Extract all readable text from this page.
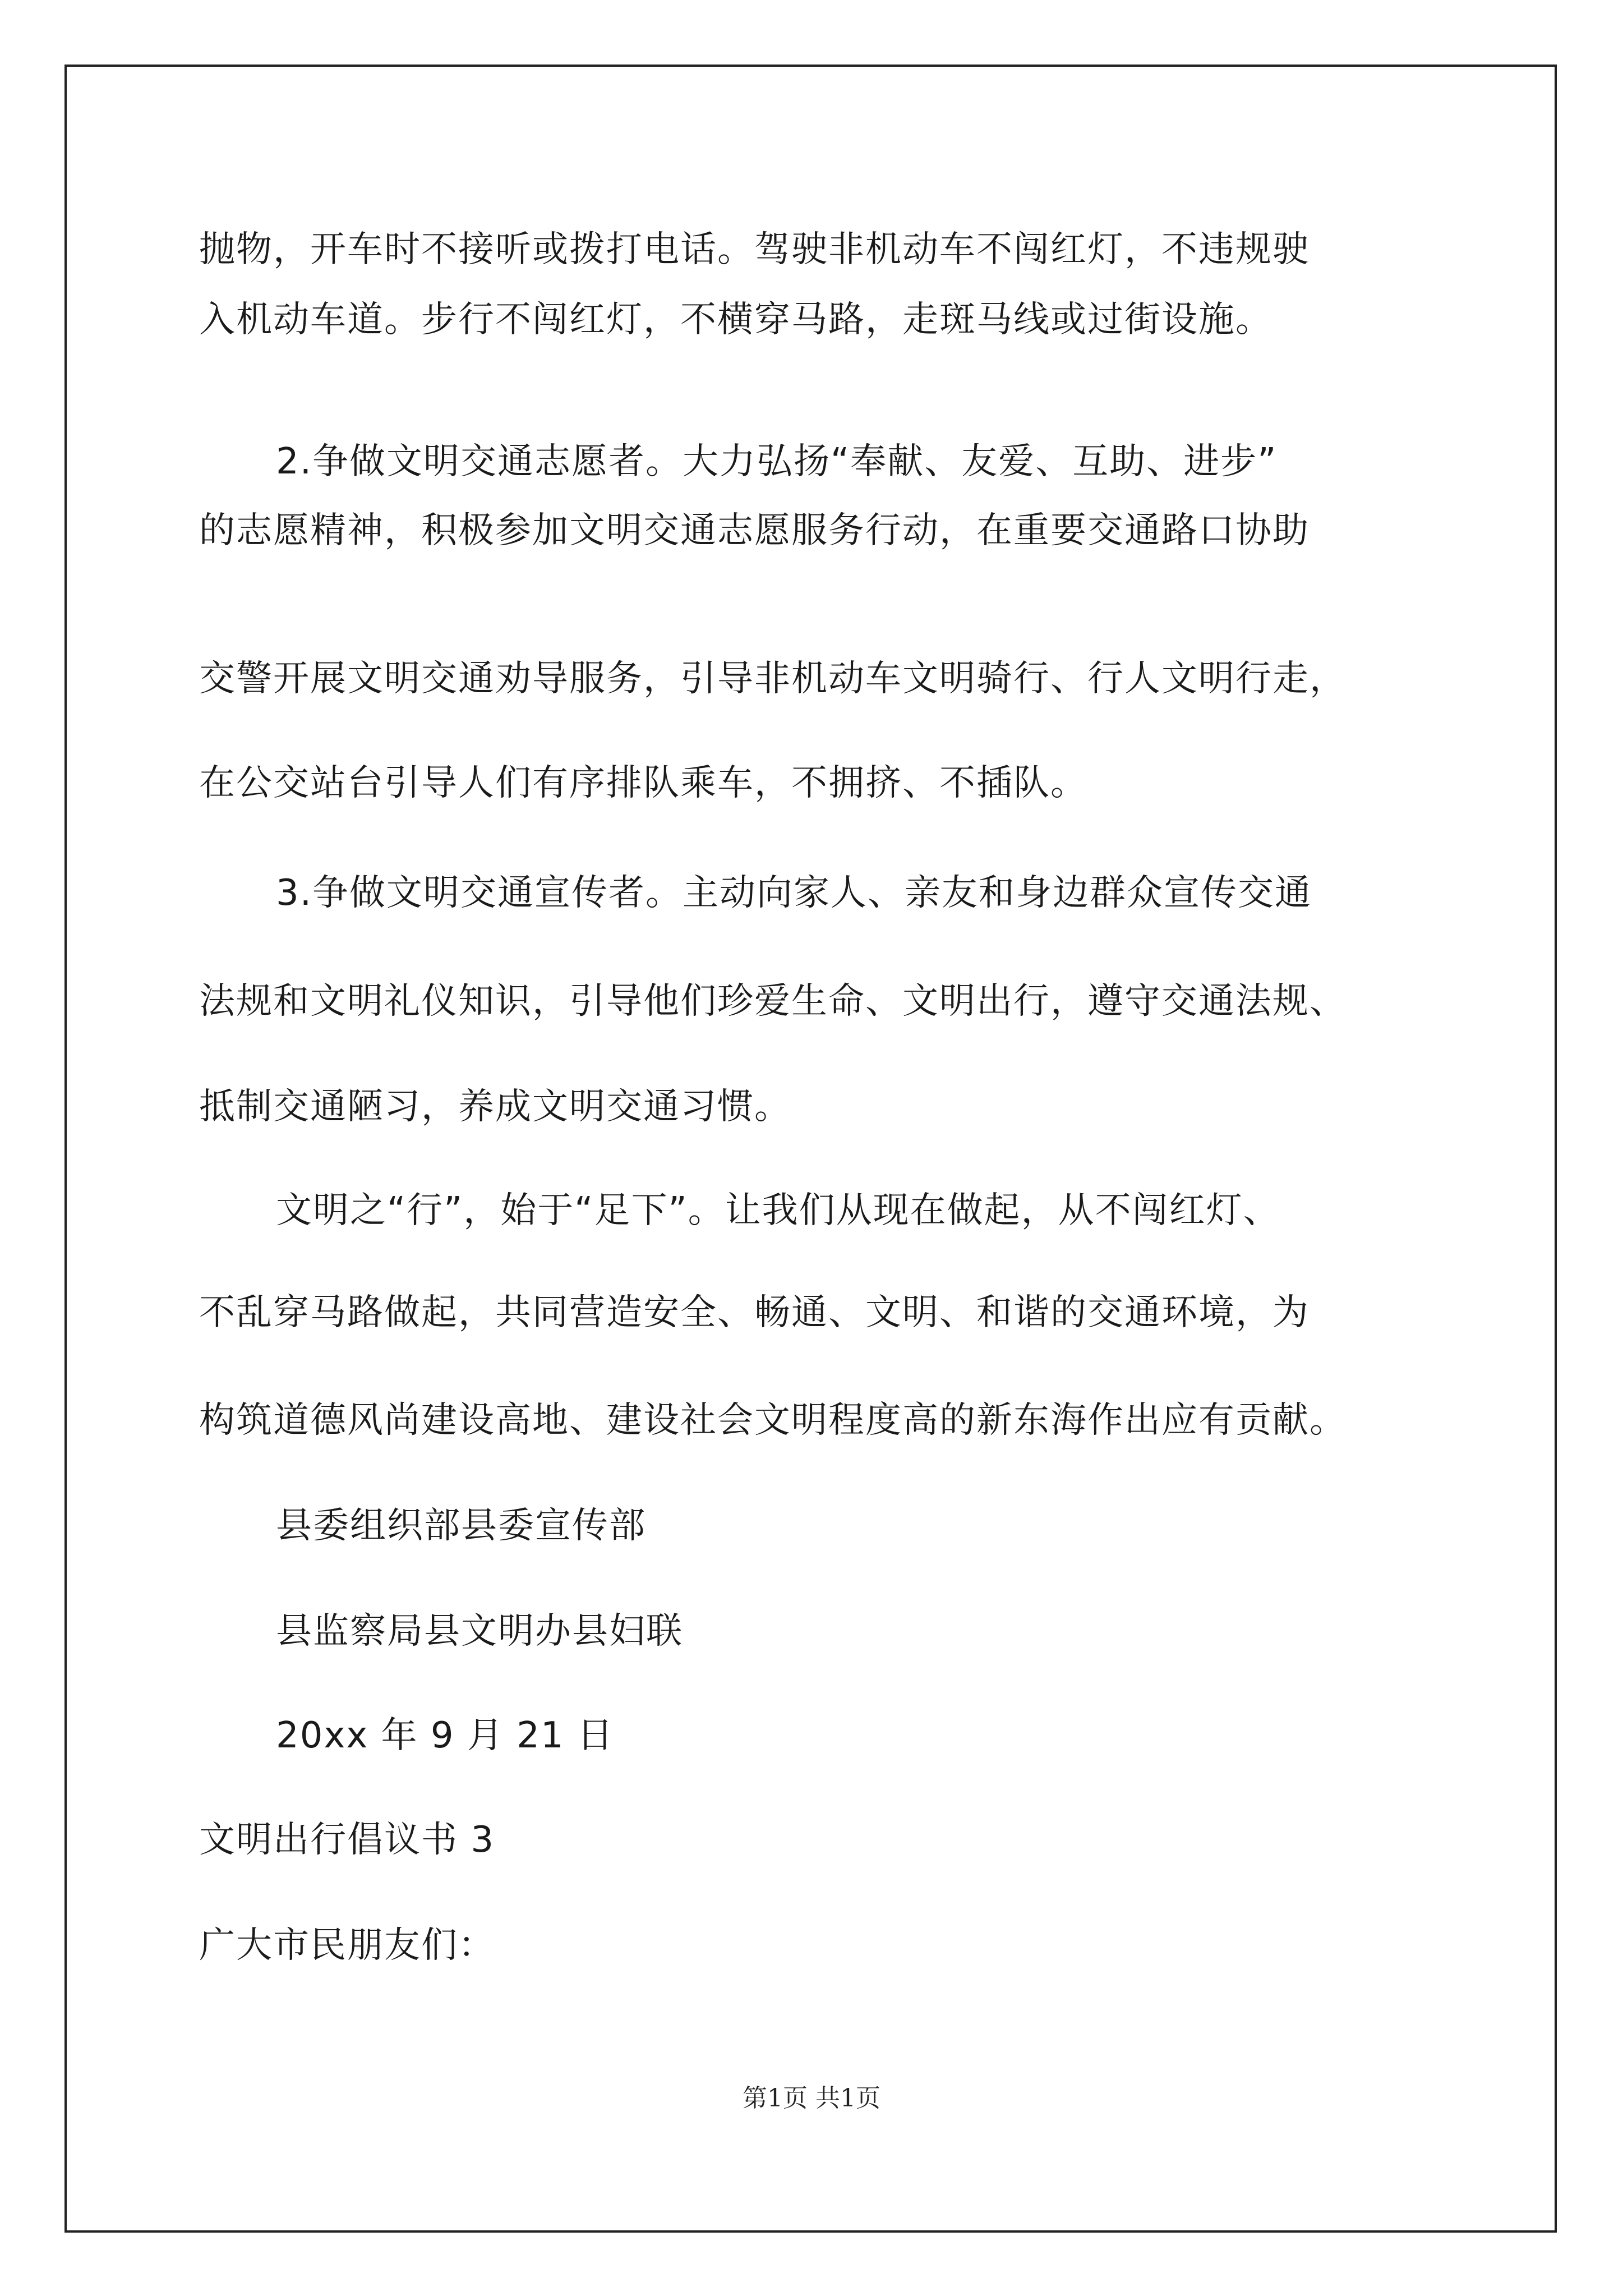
抛物，开车时不接听或拨打电话。驾驶非机动车不闯红灯，不违规驶

入机动车道。步行不闯红灯，不横穿马路，走斑马线或过街设施。

2.争做文明交通志愿者。大力弘扬“奉献、友爱、互助、进步”

的志愿精神，积极参加文明交通志愿服务行动，在重要交通路口协助

交警开展文明交通劝导服务，引导非机动车文明骑行、行人文明行走，

在公交站台引导人们有序排队乘车，不拥挤、不插队。

3.争做文明交通宣传者。主动向家人、亲友和身边群众宣传交通

法规和文明礼仪知识，引导他们珍爱生命、文明出行，遵守交通法规、

抵制交通陋习，养成文明交通习惯。

文明之“行”，始于“足下”。让我们从现在做起，从不闯红灯、

不乱穿马路做起，共同营造安全、畅通、文明、和谐的交通环境，为

构筑道德风尚建设高地、建设社会文明程度高的新东海作出应有贡献。

县委组织部县委宣传部

县监察局县文明办县妇联

20xx 年 9 月 21 日

文明出行倡议书 3

广大市民朋友们：

第1页 共1页
